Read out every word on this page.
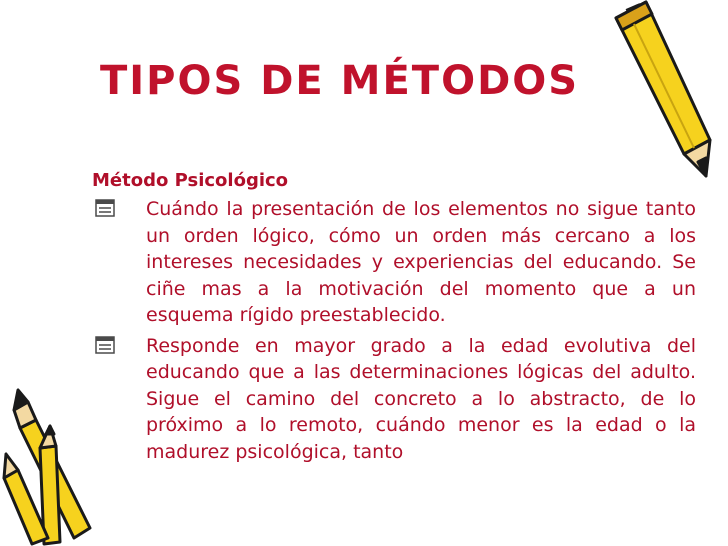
TIPOS DE MÉTODOS
Método Psicológico
Cuándo la presentación de los elementos no sigue tanto un orden lógico, cómo un orden más cercano a los intereses necesidades y experiencias del educando. Se ciñe mas a la motivación del momento que a un esquema rígido preestablecido.
Responde en mayor grado a la edad evolutiva del educando que a las determinaciones lógicas del adulto. Sigue el camino del concreto a lo abstracto, de lo próximo a lo remoto, cuándo menor es la edad o la madurez psicológica, tanto
